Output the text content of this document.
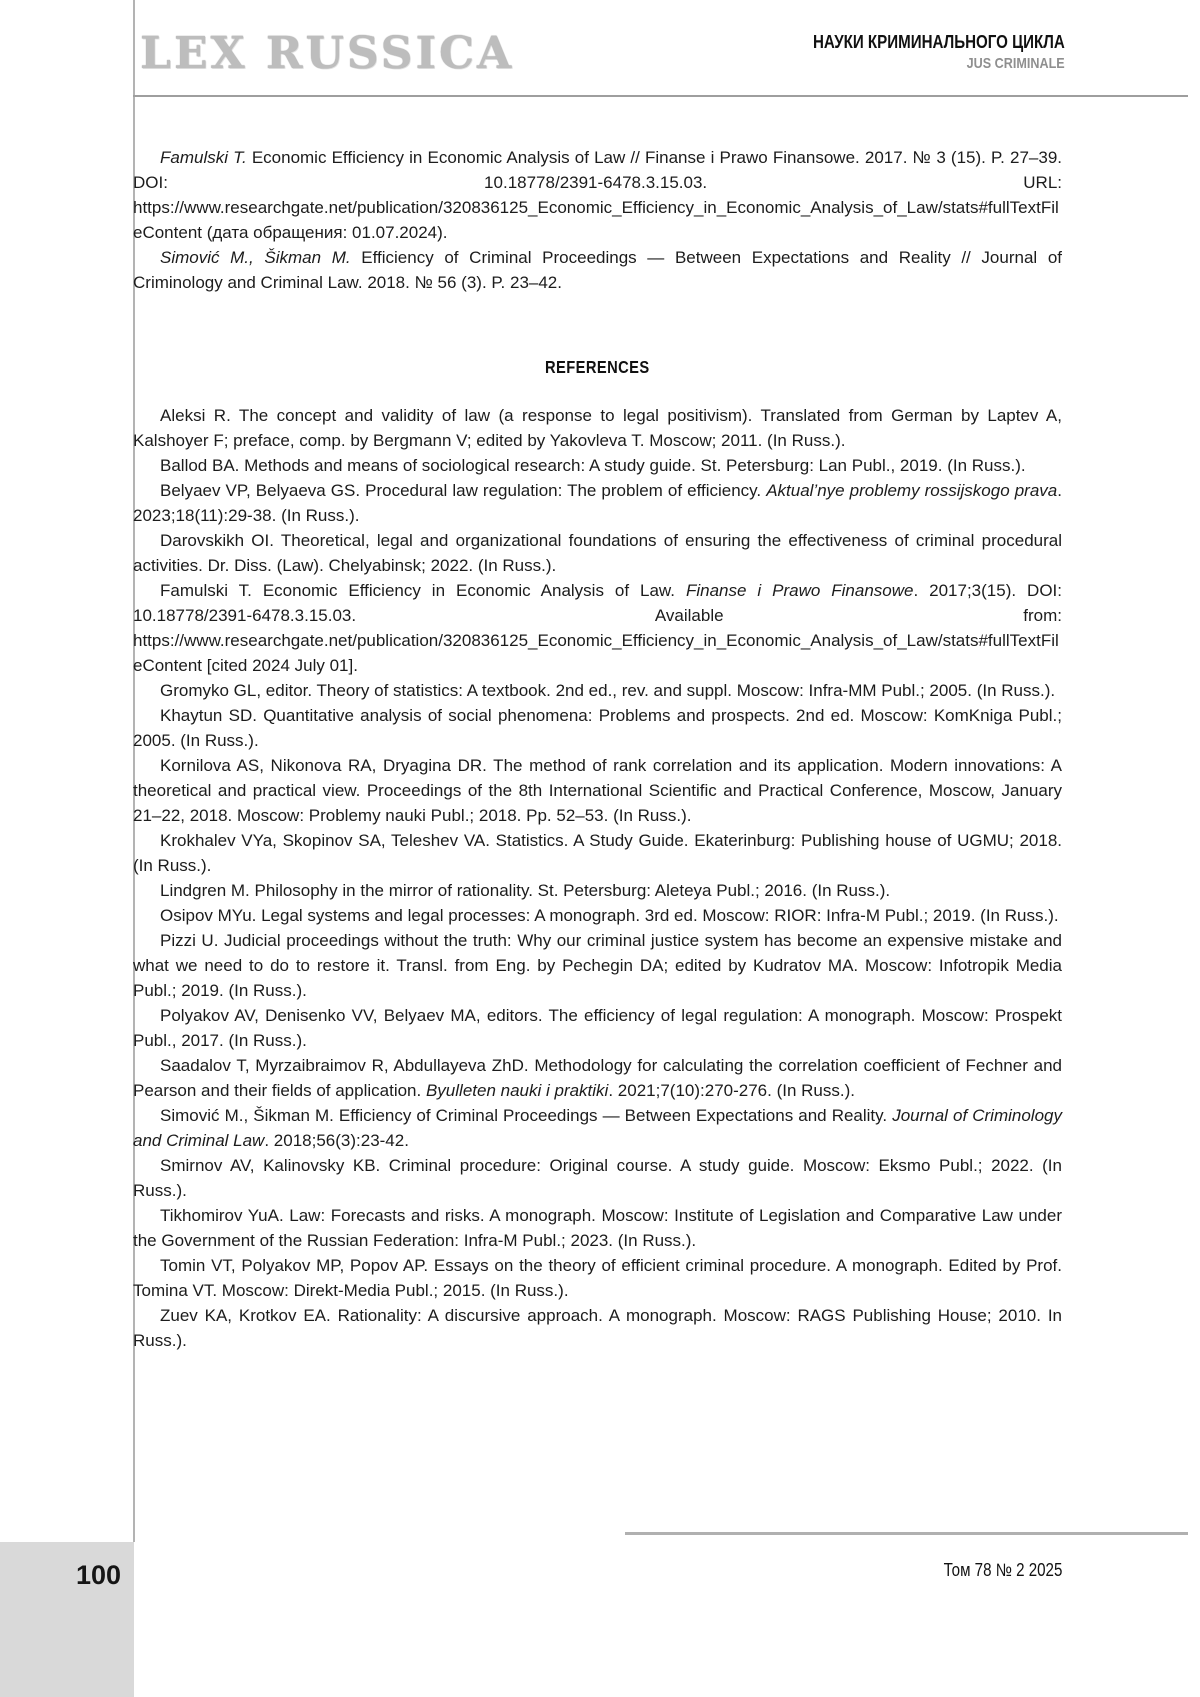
LEX RUSSICA	НАУКИ КРИМИНАЛЬНОГО ЦИКЛА
JUS CRIMINALE

Famulski T. Economic Efficiency in Economic Analysis of Law // Finanse i Prawo Finansowe. 2017. № 3 (15). P. 27–39. DOI: 10.18778/2391-6478.3.15.03. URL: https://www.researchgate.net/publication/320836125_Economic_Efficiency_in_Economic_Analysis_of_Law/stats#fullTextFileContent (дата обращения: 01.07.2024).

Simović M., Šikman M. Efficiency of Criminal Proceedings — Between Expectations and Reality // Journal of Criminology and Criminal Law. 2018. № 56 (3). P. 23–42.

REFERENCES

Aleksi R. The concept and validity of law (a response to legal positivism). Translated from German by Laptev A, Kalshoyer F; preface, comp. by Bergmann V; edited by Yakovleva T. Moscow; 2011. (In Russ.).

Ballod BA. Methods and means of sociological research: A study guide. St. Petersburg: Lan Publ., 2019. (In Russ.).

Belyaev VP, Belyaeva GS. Procedural law regulation: The problem of efficiency. Aktual’nye problemy rossijskogo prava. 2023;18(11):29-38. (In Russ.).

Darovskikh OI. Theoretical, legal and organizational foundations of ensuring the effectiveness of criminal procedural activities. Dr. Diss. (Law). Chelyabinsk; 2022. (In Russ.).

Famulski T. Economic Efficiency in Economic Analysis of Law. Finanse i Prawo Finansowe. 2017;3(15). DOI: 10.18778/2391-6478.3.15.03. Available from: https://www.researchgate.net/publication/320836125_Economic_Efficiency_in_Economic_Analysis_of_Law/stats#fullTextFileContent [cited 2024 July 01].

Gromyko GL, editor. Theory of statistics: A textbook. 2nd ed., rev. and suppl. Moscow: Infra-MM Publ.; 2005. (In Russ.).

Khaytun SD. Quantitative analysis of social phenomena: Problems and prospects. 2nd ed. Moscow: KomKniga Publ.; 2005. (In Russ.).

Kornilova AS, Nikonova RA, Dryagina DR. The method of rank correlation and its application. Modern innovations: A theoretical and practical view. Proceedings of the 8th International Scientific and Practical Conference, Moscow, January 21–22, 2018. Moscow: Problemy nauki Publ.; 2018. Pp. 52–53. (In Russ.).

Krokhalev VYa, Skopinov SA, Teleshev VA. Statistics. A Study Guide. Ekaterinburg: Publishing house of UGMU; 2018. (In Russ.).

Lindgren M. Philosophy in the mirror of rationality. St. Petersburg: Aleteya Publ.; 2016. (In Russ.).

Osipov MYu. Legal systems and legal processes: A monograph. 3rd ed. Moscow: RIOR: Infra-M Publ.; 2019. (In Russ.).

Pizzi U. Judicial proceedings without the truth: Why our criminal justice system has become an expensive mistake and what we need to do to restore it. Transl. from Eng. by Pechegin DA; edited by Kudratov MA. Moscow: Infotropik Media Publ.; 2019. (In Russ.).

Polyakov AV, Denisenko VV, Belyaev MA, editors. The efficiency of legal regulation: A monograph. Moscow: Prospekt Publ., 2017. (In Russ.).

Saadalov T, Myrzaibraimov R, Abdullayeva ZhD. Methodology for calculating the correlation coefficient of Fechner and Pearson and their fields of application. Byulleten nauki i praktiki. 2021;7(10):270-276. (In Russ.).

Simović M., Šikman M. Efficiency of Criminal Proceedings — Between Expectations and Reality. Journal of Criminology and Criminal Law. 2018;56(3):23-42.

Smirnov AV, Kalinovsky KB. Criminal procedure: Original course. A study guide. Moscow: Eksmo Publ.; 2022. (In Russ.).

Tikhomirov YuA. Law: Forecasts and risks. A monograph. Moscow: Institute of Legislation and Comparative Law under the Government of the Russian Federation: Infra-M Publ.; 2023. (In Russ.).

Tomin VT, Polyakov MP, Popov AP. Essays on the theory of efficient criminal procedure. A monograph. Edited by Prof. Tomina VT. Moscow: Direkt-Media Publ.; 2015. (In Russ.).

Zuev KA, Krotkov EA. Rationality: A discursive approach. A monograph. Moscow: RAGS Publishing House; 2010. In Russ.).

Том 78 № 2 2025
100
